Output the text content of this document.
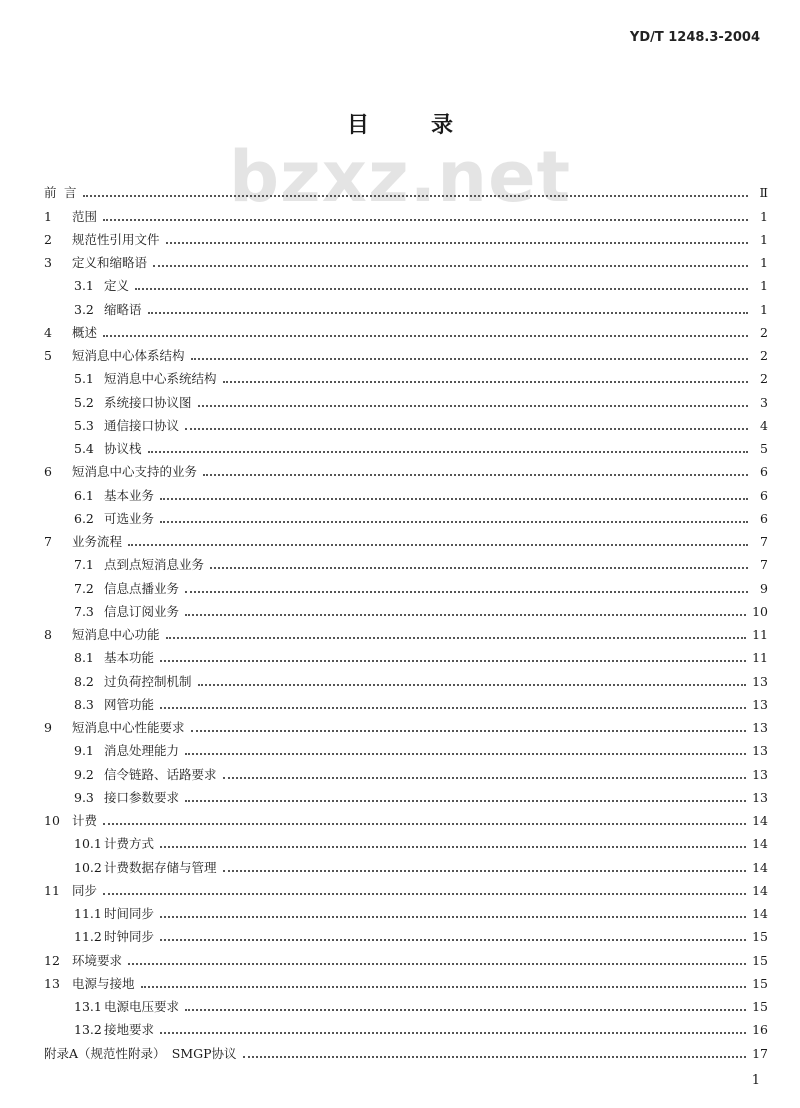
YD/T 1248.3-2004
bzxz.net
目录
前 言	Ⅱ
1	范围	1
2	规范性引用文件	1
3	定义和缩略语	1
3.1 定义	1
3.2 缩略语	1
4	概述	2
5	短消息中心体系结构	2
5.1 短消息中心系统结构	2
5.2 系统接口协议图	3
5.3 通信接口协议	4
5.4 协议栈	5
6	短消息中心支持的业务	6
6.1 基本业务	6
6.2 可选业务	6
7	业务流程	7
7.1 点到点短消息业务	7
7.2 信息点播业务	9
7.3 信息订阅业务	10
8	短消息中心功能	11
8.1 基本功能	11
8.2 过负荷控制机制	13
8.3 网管功能	13
9	短消息中心性能要求	13
9.1 消息处理能力	13
9.2 信令链路、话路要求	13
9.3 接口参数要求	13
10 计费	14
10.1 计费方式	14
10.2 计费数据存储与管理	14
11 同步	14
11.1 时间同步	14
11.2 时钟同步	15
12 环境要求	15
13 电源与接地	15
13.1 电源电压要求	15
13.2 接地要求	16
附录A（规范性附录）　SMGP协议	17
1
